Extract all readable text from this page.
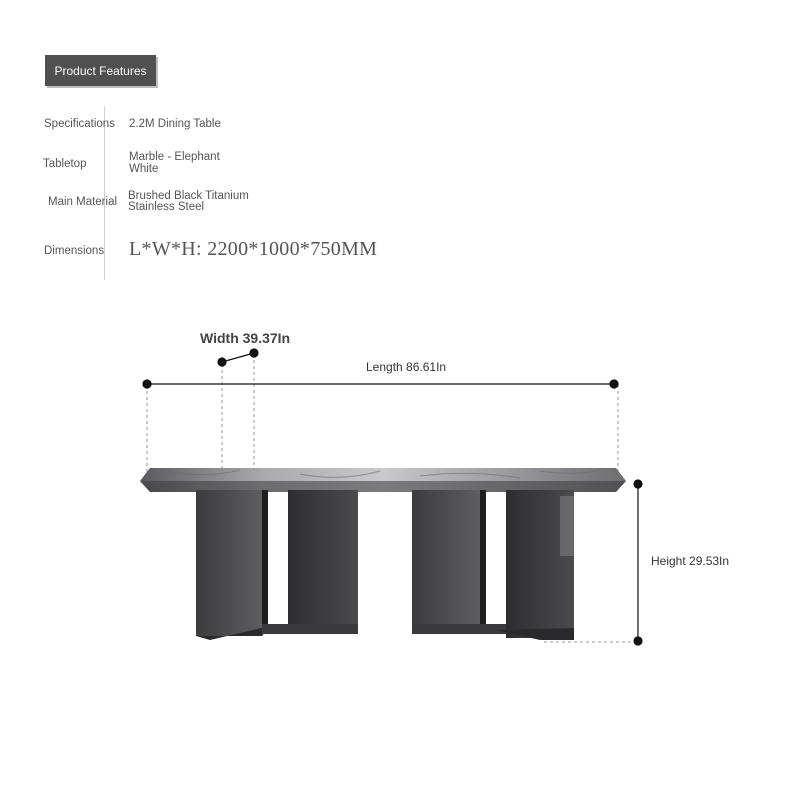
Product Features
Specifications 2.2M Dining Table
Tabletop
Marble - Elephant
White
Main Material Brushed Black Titanium
Stainless Steel
Dimensions L*W*H: 2200*1000*750MM
Width 39.37In
Length 86.61In
Height 29.53In
